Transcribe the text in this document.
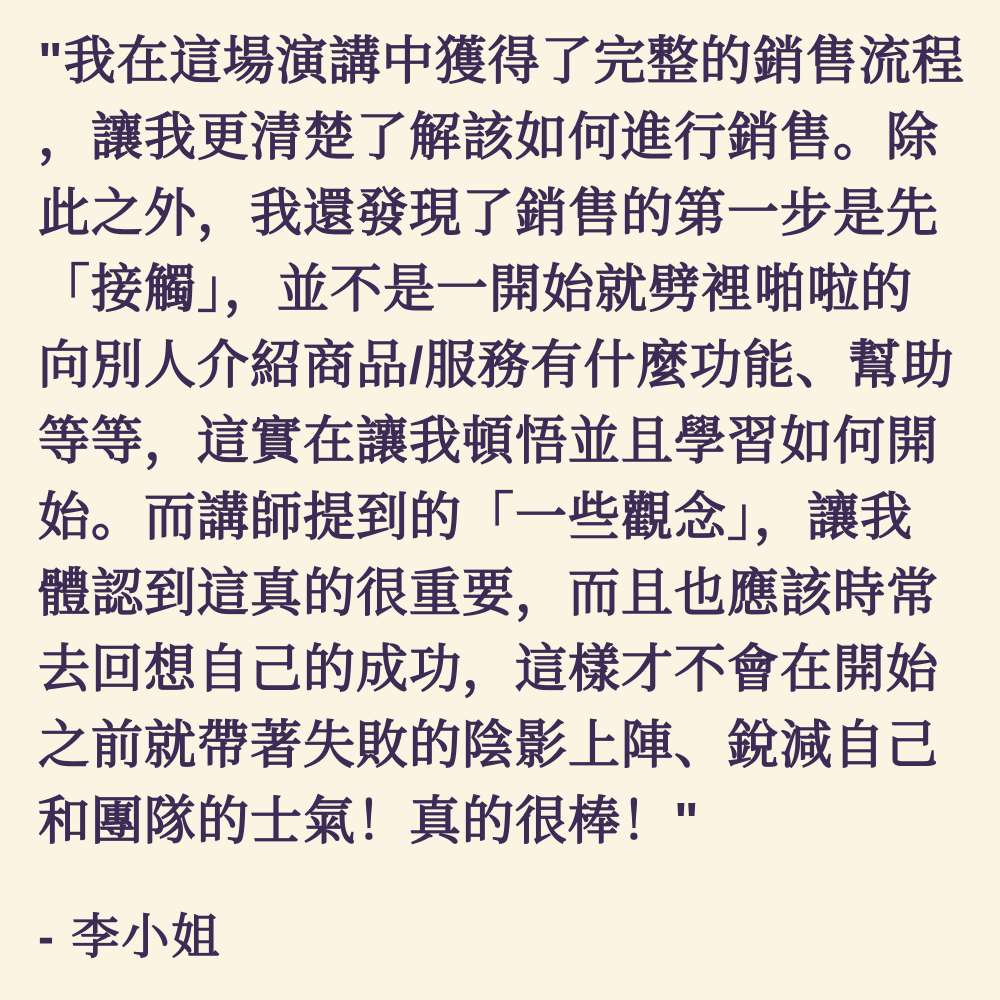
"我在這場演講中獲得了完整的銷售流程
，讓我更清楚了解該如何進行銷售。除
此之外，我還發現了銷售的第一步是先
「接觸」，並不是一開始就劈裡啪啦的
向別人介紹商品/服務有什麼功能、幫助
等等，這實在讓我頓悟並且學習如何開
始。而講師提到的「一些觀念」，讓我
體認到這真的很重要，而且也應該時常
去回想自己的成功，這樣才不會在開始
之前就帶著失敗的陰影上陣、銳減自己
和團隊的士氣！真的很棒！"
- 李小姐
